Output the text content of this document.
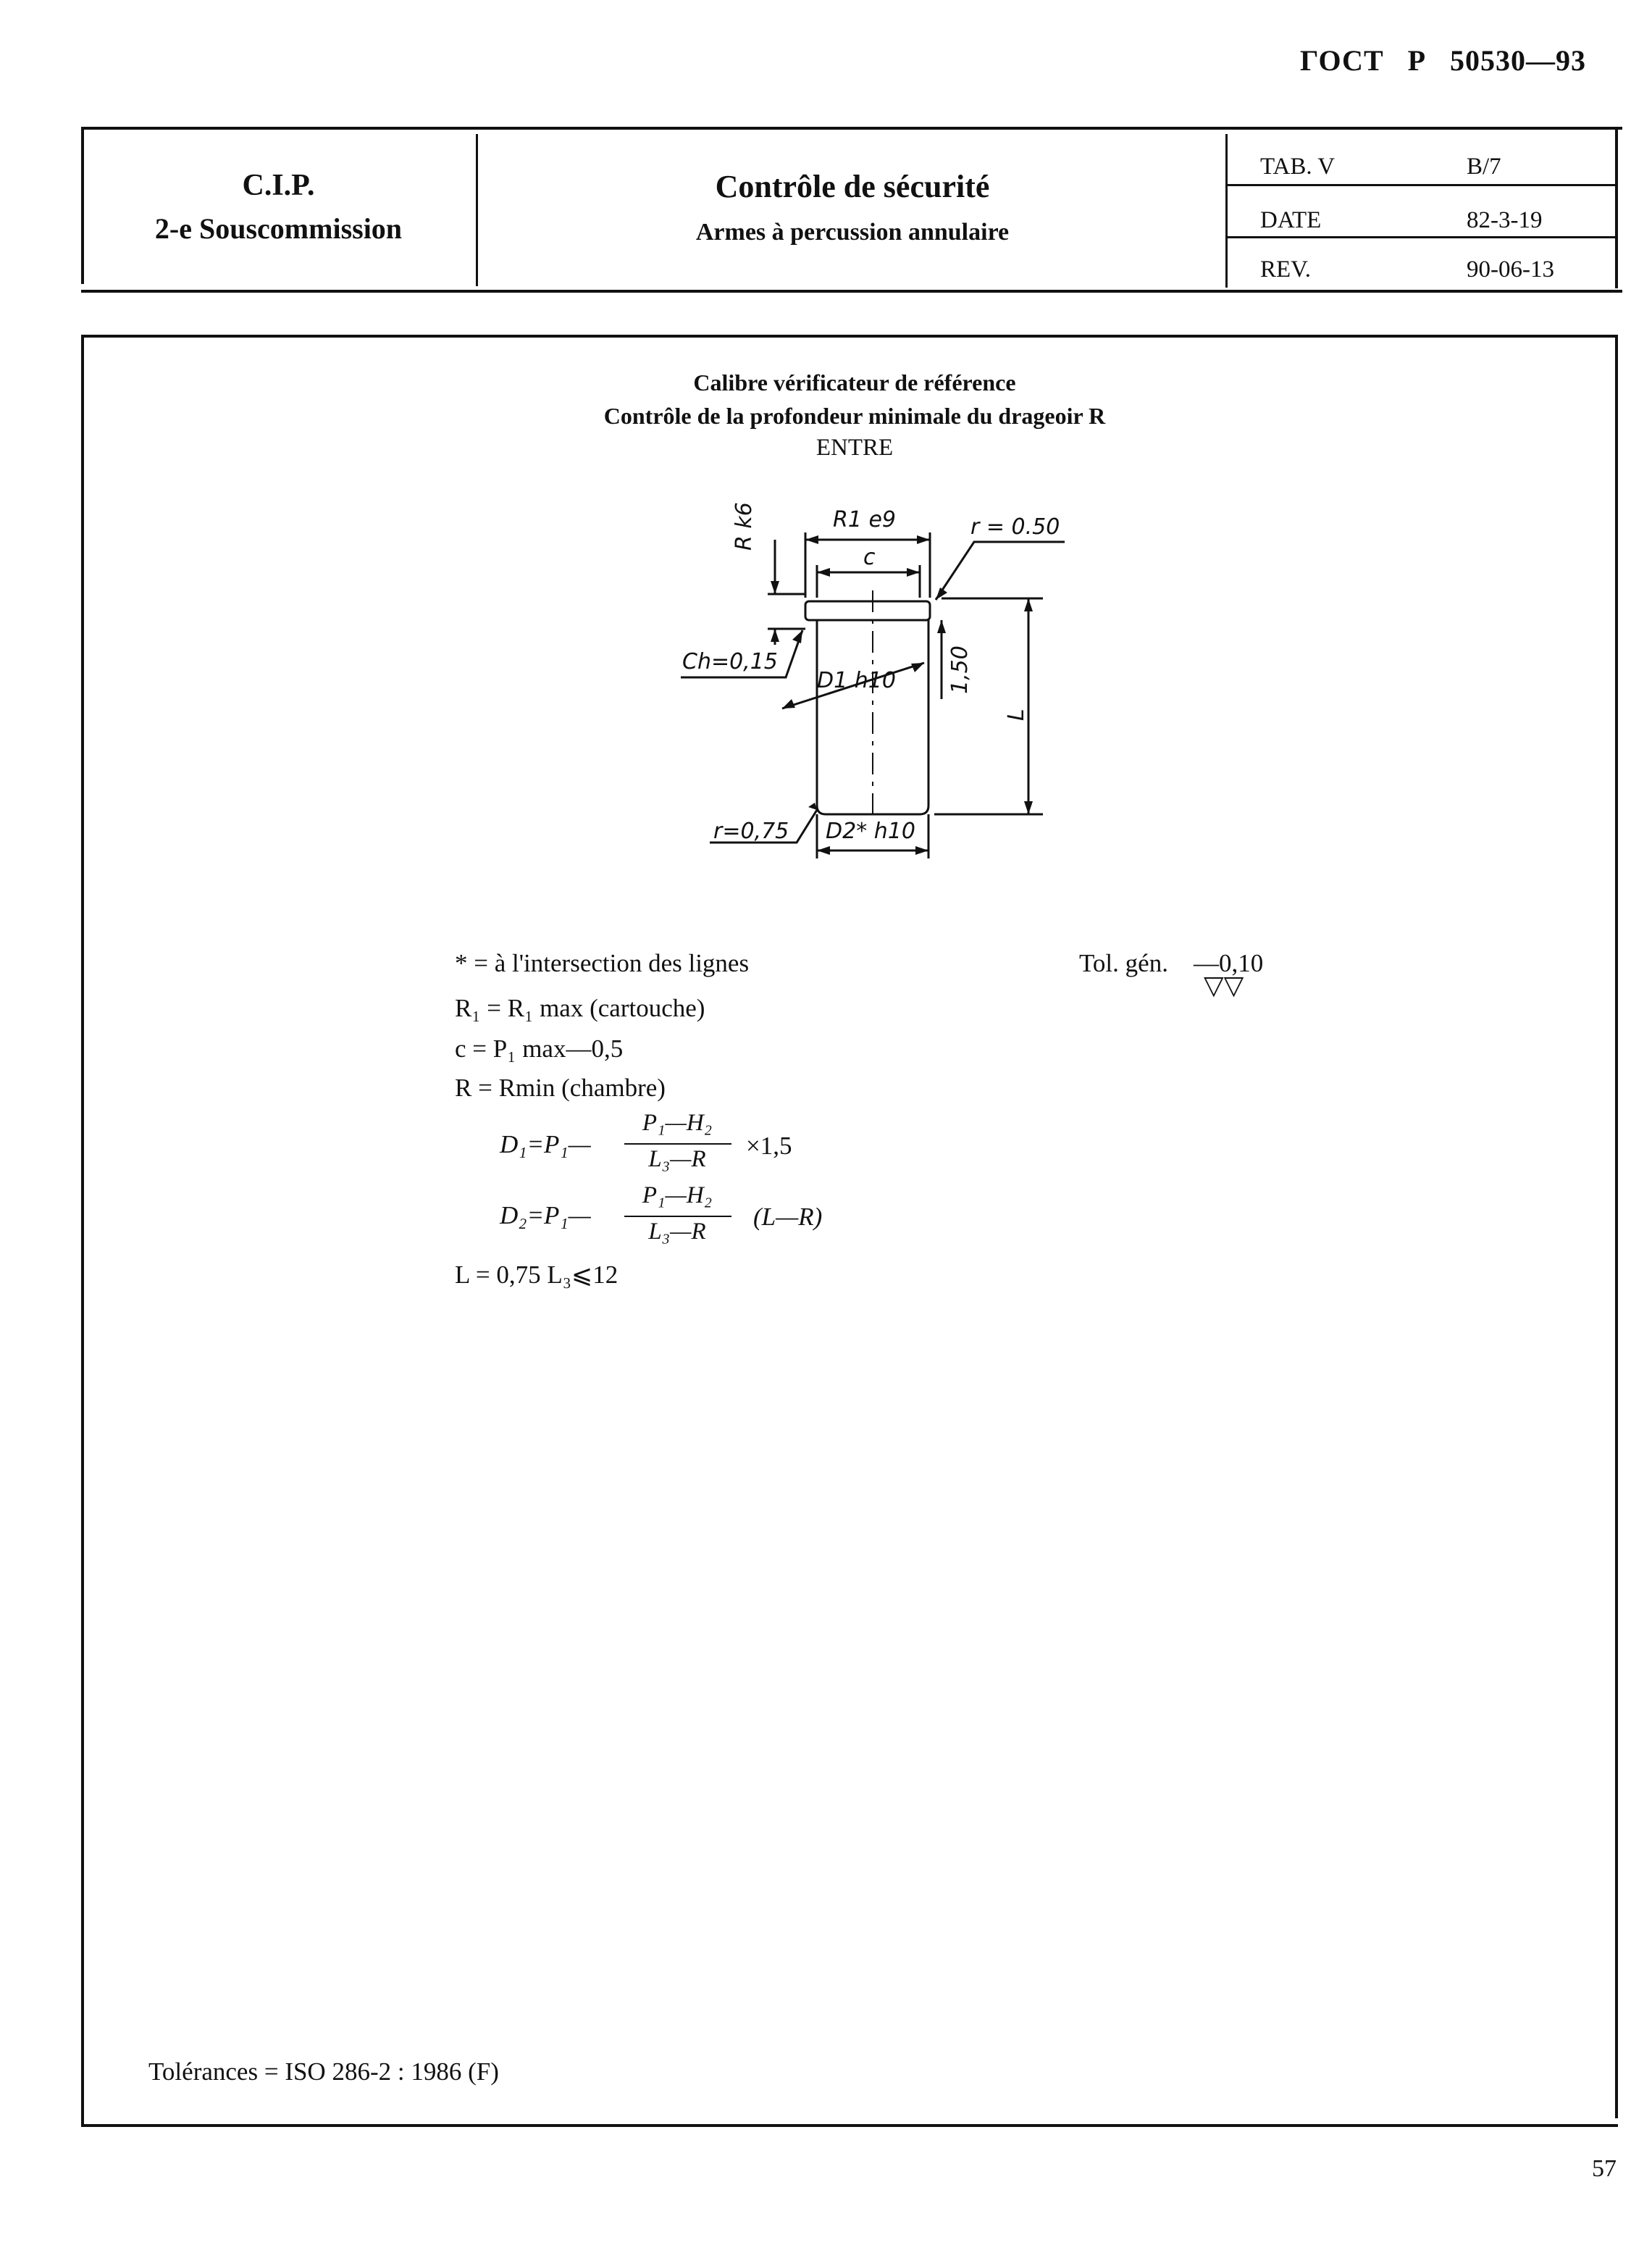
ГОСТ Р 50530—93
C.I.P.
2-e Souscommission
Contrôle de sécurité
Armes à percussion annulaire
TAB. V	B/7
DATE	82-3-19
REV.	90-06-13
Calibre vérificateur de référence
Contrôle de la profondeur minimale du drageoir R
ENTRE
R1 e9
c
r = 0.50
R k6
Ch=0,15
D1 h10 1,50
L
r=0,75 D2* h10
* = à l'intersection des lignes
R₁ = R₁ max (cartouche)
c = P₁ max—0,5
R = Rmin (chambre)
D₁=P₁—
P₁—H₂
L₃—R	×1,5
D₂=P₁—
P₁—H₂
L₃—R
(L—R)
L = 0,75 L₃⩽12
Tol. gén. —0,10
▽▽
Tolérances = ISO 286-2 : 1986 (F)
57
